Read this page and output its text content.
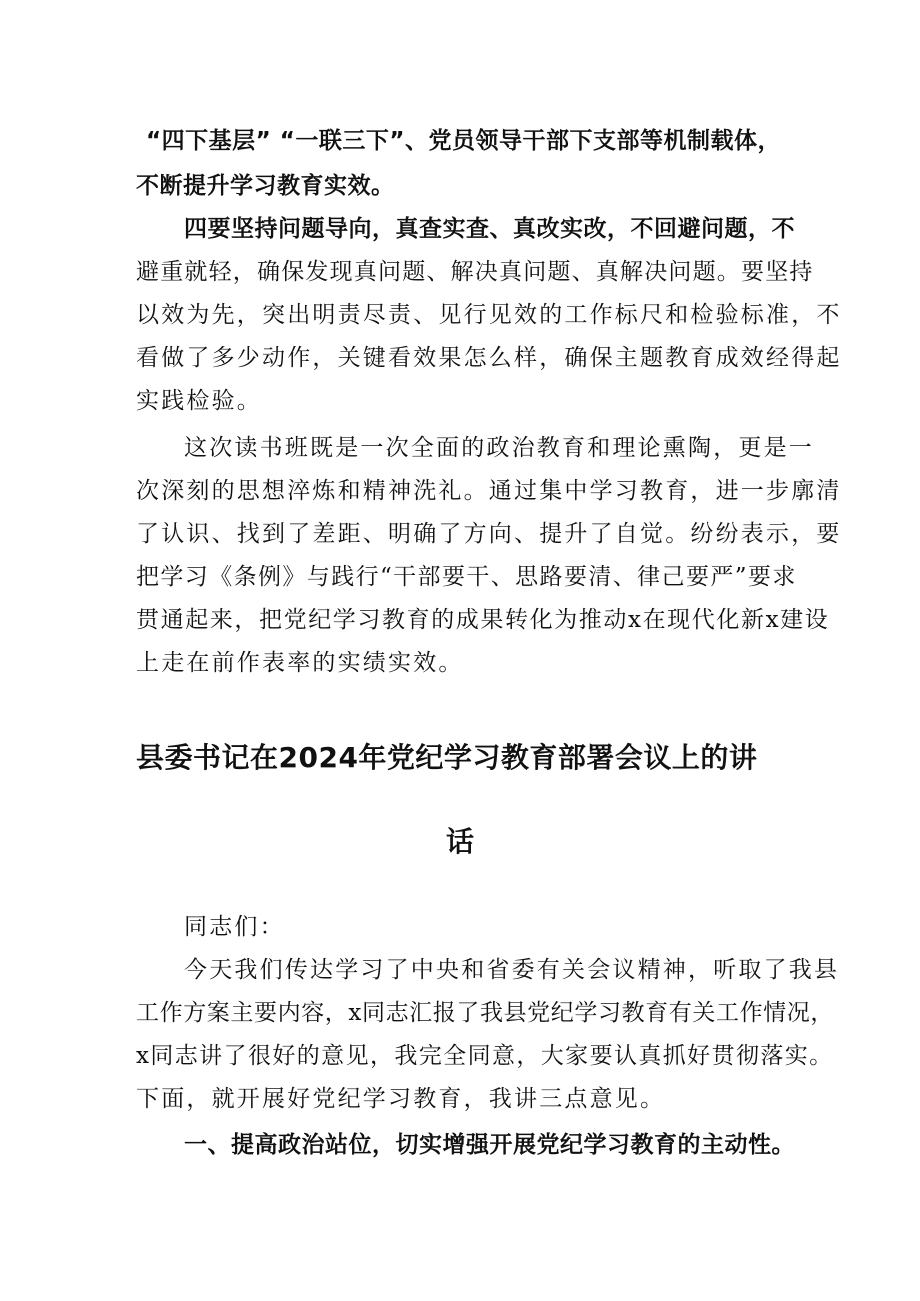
“四下基层” “一联三下”、党员领导干部下支部等机制载体，

不断提升学习教育实效。

四要坚持问题导向，真查实查、真改实改，不回避问题，不

避重就轻，确保发现真问题、解决真问题、真解决问题。要坚持

以效为先，突出明责尽责、见行见效的工作标尺和检验标准，不

看做了多少动作，关键看效果怎么样，确保主题教育成效经得起

实践检验。

这次读书班既是一次全面的政治教育和理论熏陶，更是一

次深刻的思想淬炼和精神洗礼。通过集中学习教育，进一步廓清

了认识、找到了差距、明确了方向、提升了自觉。纷纷表示，要

把学习《条例》与践行“干部要干、思路要清、律己要严”要求

贯通起来，把党纪学习教育的成果转化为推动x在现代化新x建设

上走在前作表率的实绩实效。

县委书记在2024年党纪学习教育部署会议上的讲
话

同志们：

今天我们传达学习了中央和省委有关会议精神，听取了我县

工作方案主要内容，x同志汇报了我县党纪学习教育有关工作情况，

x同志讲了很好的意见，我完全同意，大家要认真抓好贯彻落实。

下面，就开展好党纪学习教育，我讲三点意见。

一、提高政治站位，切实增强开展党纪学习教育的主动性。
